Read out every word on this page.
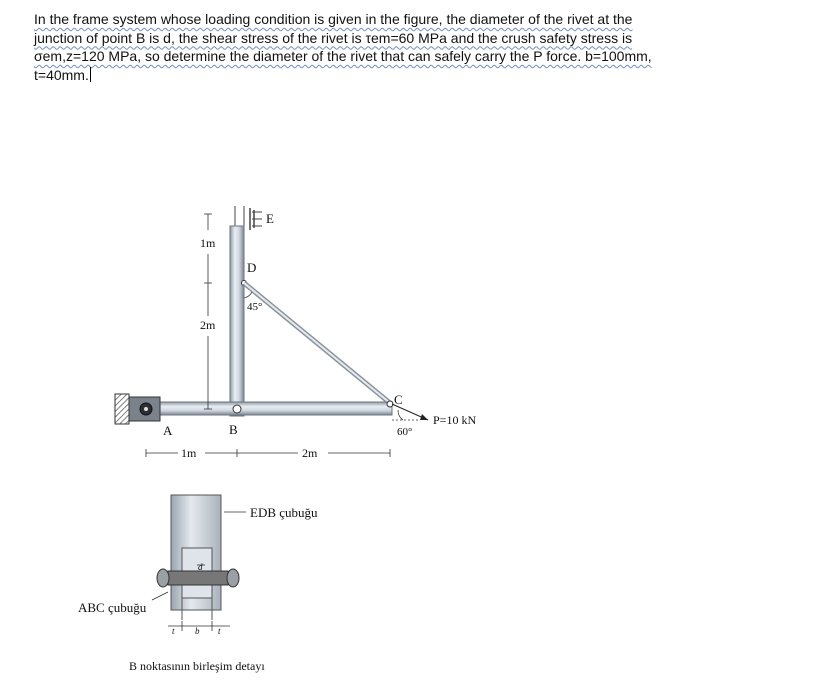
In the frame system whose loading condition is given in the figure, the diameter of the rivet at the
junction of point B is d, the shear stress of the rivet is τem=60 MPa and the crush safety stress is
σem,z=120 MPa, so determine the diameter of the rivet that can safely carry the P force. b=100mm,
t=40mm.
E
D
45°
B
C
A	60°
P=10 kN
1m
2m
1m	2m
d
t b t
EDB çubuğu
ABC çubuğu
B noktasının birleşim detayı
